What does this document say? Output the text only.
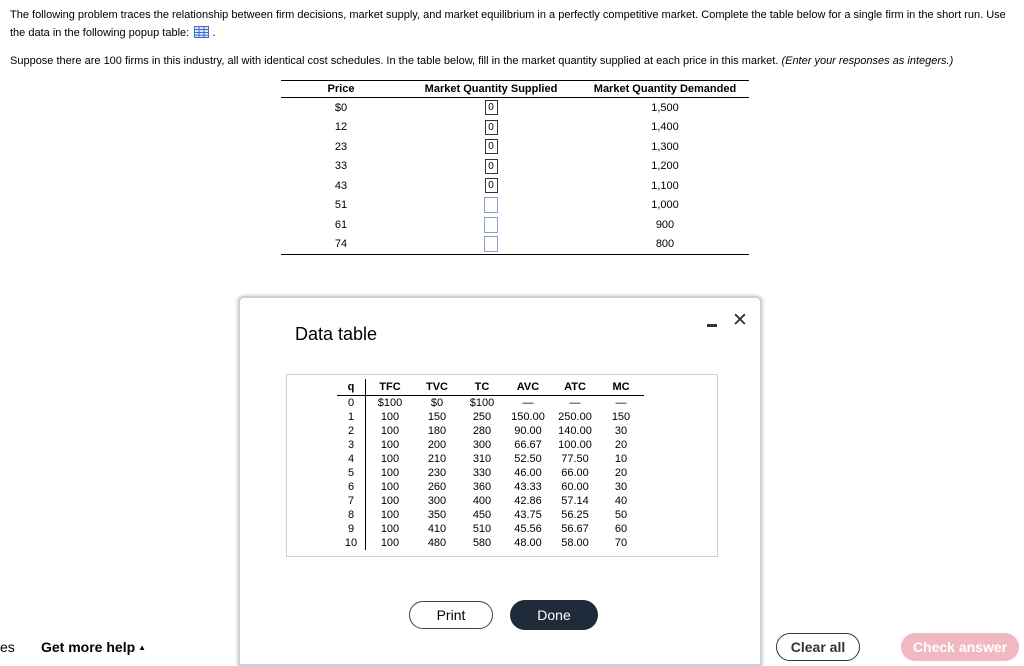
The following problem traces the relationship between firm decisions, market supply, and market equilibrium in a perfectly competitive market. Complete the table below for a single firm in the short run. Use the data in the following popup table: .
Suppose there are 100 firms in this industry, all with identical cost schedules. In the table below, fill in the market quantity supplied at each price in this market. (Enter your responses as integers.)
Price	Market Quantity Supplied	Market Quantity Demanded
$0	0	1,500
12	0	1,400
23	0	1,300
33	0	1,200
43	0	1,100
51		1,000
61		900
74		800
Data table
✕
q	TFC	TVC	TC	AVC	ATC	MC
0	$100	$0	$100	—	—	—
1	100	150	250	150.00	250.00	150
2	100	180	280	90.00	140.00	30
3	100	200	300	66.67	100.00	20
4	100	210	310	52.50	77.50	10
5	100	230	330	46.00	66.00	20
6	100	260	360	43.33	60.00	30
7	100	300	400	42.86	57.14	40
8	100	350	450	43.75	56.25	50
9	100	410	510	45.56	56.67	60
10	100	480	580	48.00	58.00	70
Print	Done
es Get more help ▲	Clear all	Check answer
